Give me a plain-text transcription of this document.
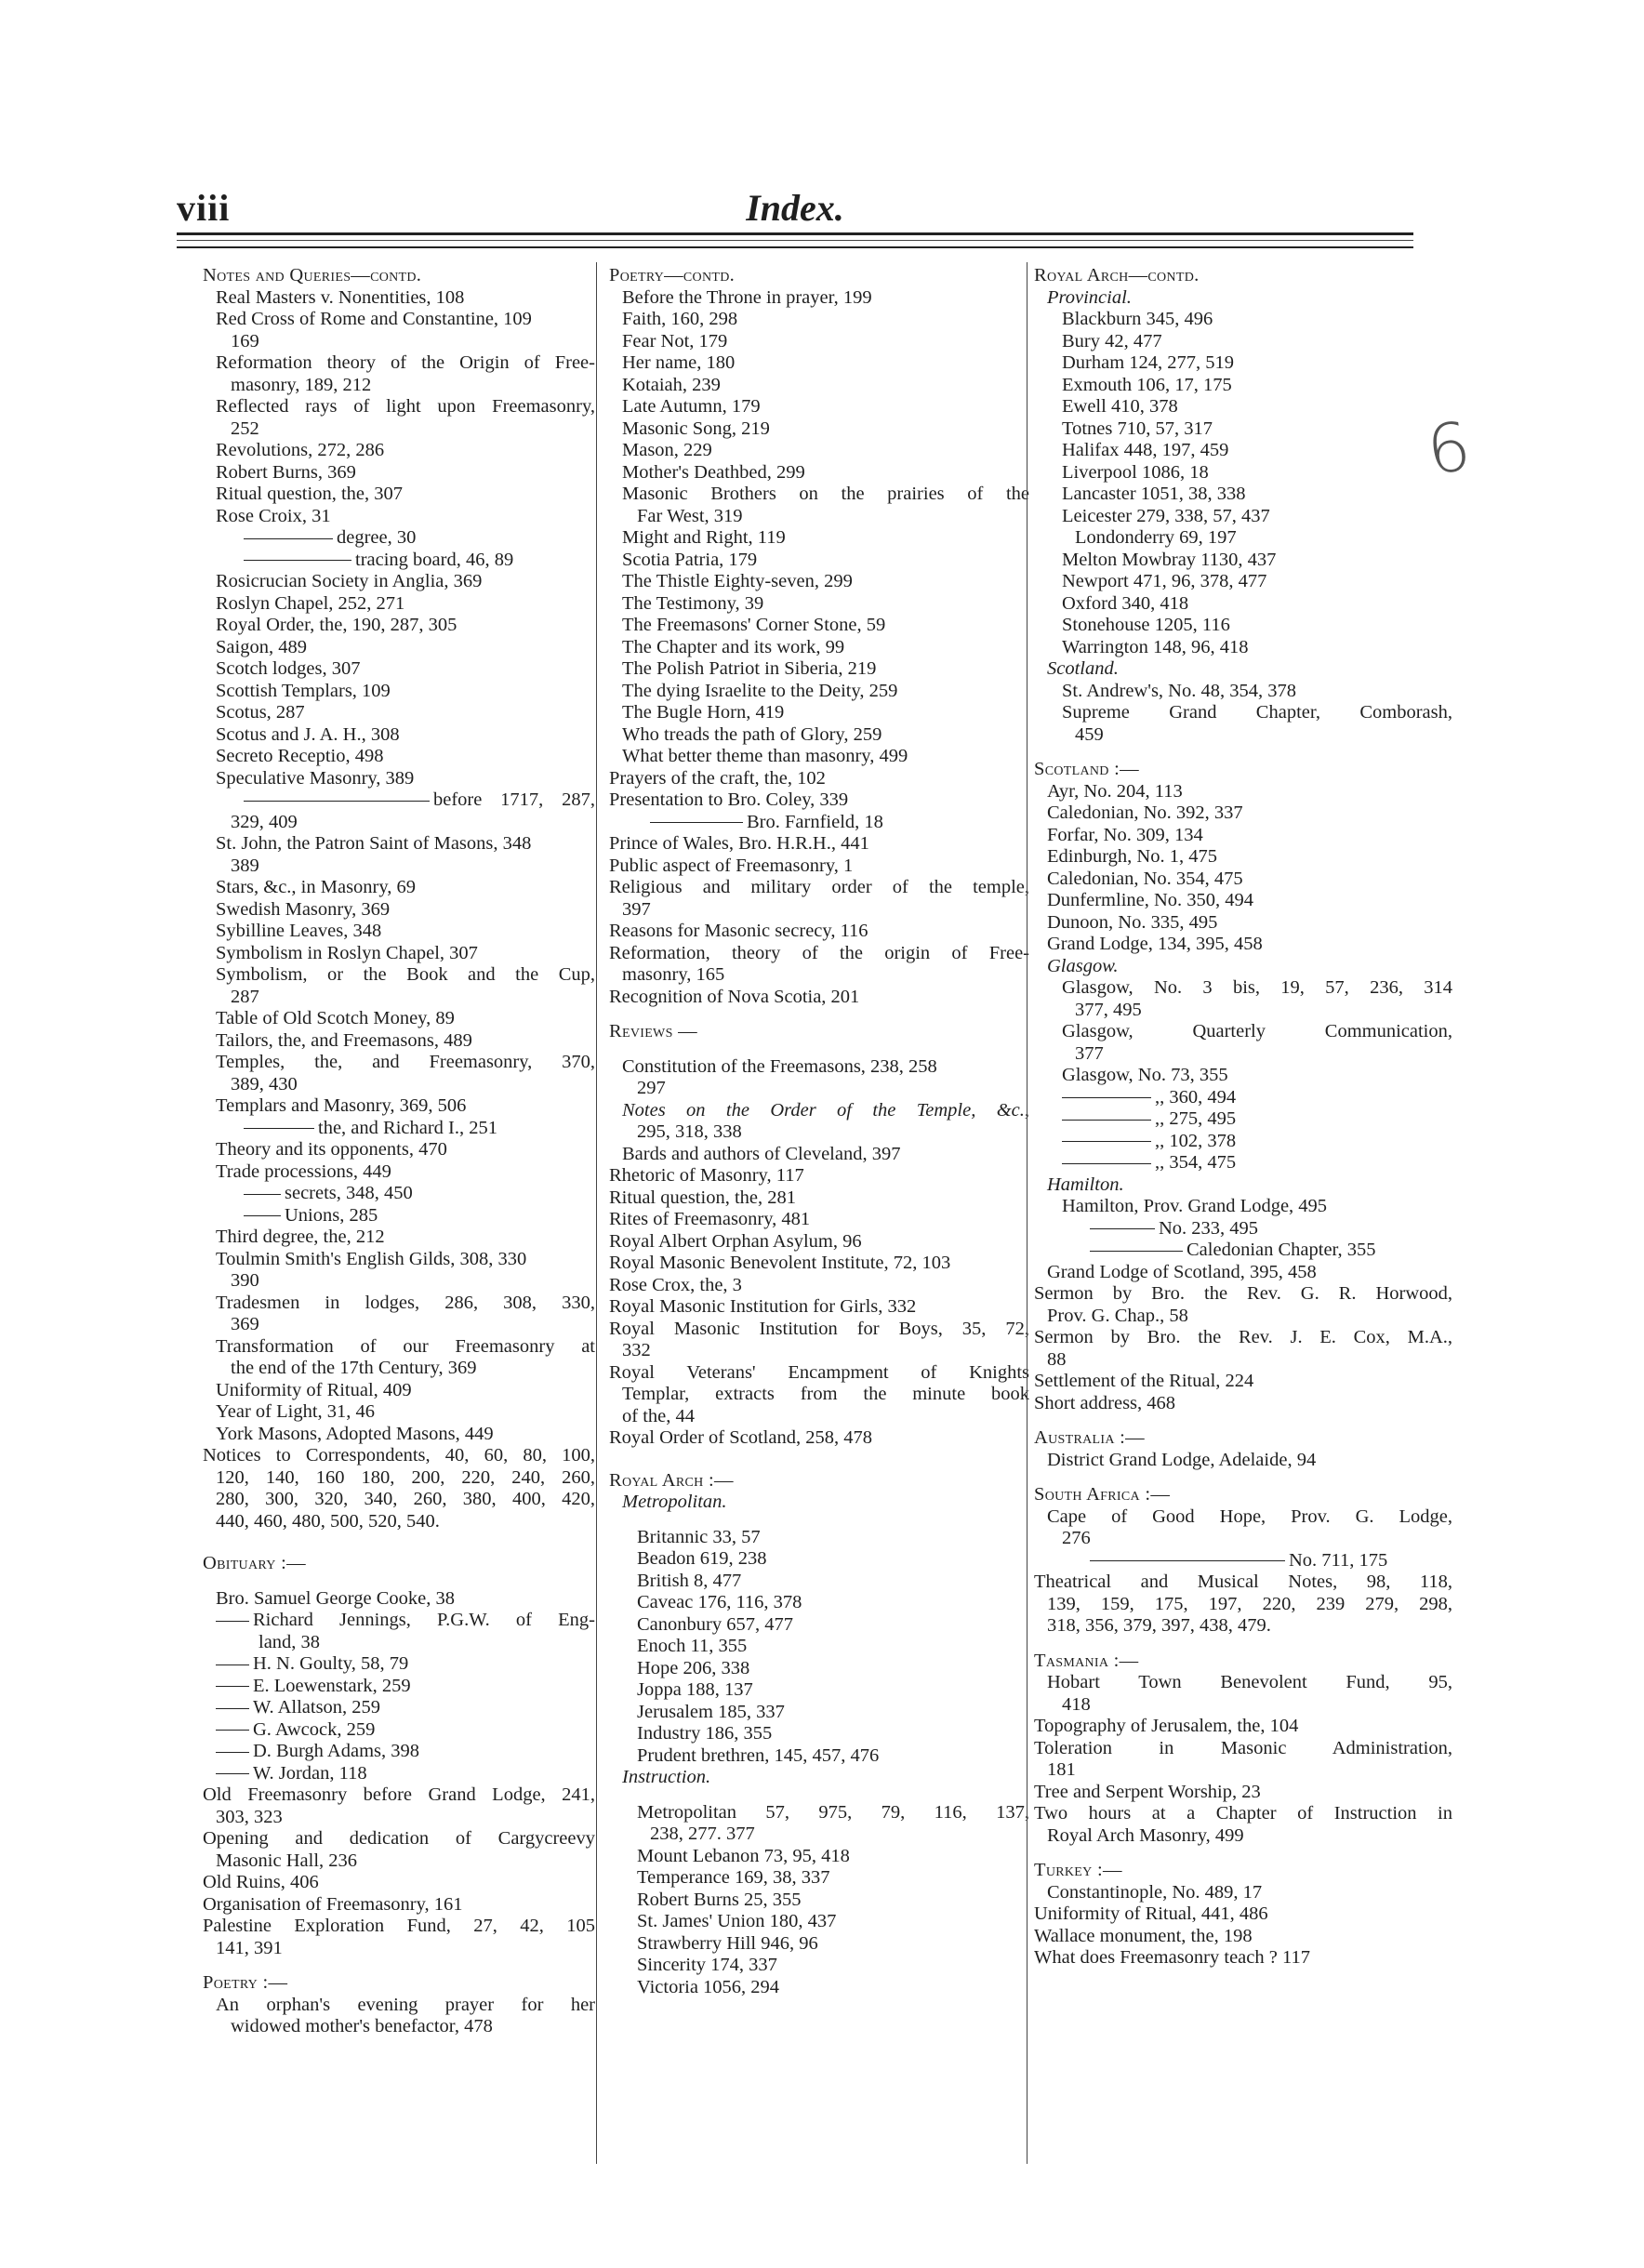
viii	Index.
Notes and Queries—contd.
Real Masters v. Nonentities, 108
Red Cross of Rome and Constantine, 109
169
Reformation theory of the Origin of Free-
masonry, 189, 212
Reflected rays of light upon Freemasonry,
252
Revolutions, 272, 286
Robert Burns, 369
Ritual question, the, 307
Rose Croix, 31
degree, 30
tracing board, 46, 89
Rosicrucian Society in Anglia, 369
Roslyn Chapel, 252, 271
Royal Order, the, 190, 287, 305
Saigon, 489
Scotch lodges, 307
Scottish Templars, 109
Scotus, 287
Scotus and J. A. H., 308
Secreto Receptio, 498
Speculative Masonry, 389
before 1717, 287,
329, 409
St. John, the Patron Saint of Masons, 348
389
Stars, &c., in Masonry, 69
Swedish Masonry, 369
Sybilline Leaves, 348
Symbolism in Roslyn Chapel, 307
Symbolism, or the Book and the Cup,
287
Table of Old Scotch Money, 89
Tailors, the, and Freemasons, 489
Temples, the, and Freemasonry, 370,
389, 430
Templars and Masonry, 369, 506
the, and Richard I., 251
Theory and its opponents, 470
Trade processions, 449
secrets, 348, 450
Unions, 285
Third degree, the, 212
Toulmin Smith's English Gilds, 308, 330
390
Tradesmen in lodges, 286, 308, 330,
369
Transformation of our Freemasonry at
the end of the 17th Century, 369
Uniformity of Ritual, 409
Year of Light, 31, 46
York Masons, Adopted Masons, 449
Notices to Correspondents, 40, 60, 80, 100,
120, 140, 160 180, 200, 220, 240, 260,
280, 300, 320, 340, 260, 380, 400, 420,
440, 460, 480, 500, 520, 540.
Obituary :—
Bro. Samuel George Cooke, 38
Richard Jennings, P.G.W. of Eng-
land, 38
H. N. Goulty, 58, 79
E. Loewenstark, 259
W. Allatson, 259
G. Awcock, 259
D. Burgh Adams, 398
W. Jordan, 118
Old Freemasonry before Grand Lodge, 241,
303, 323
Opening and dedication of Cargycreevy
Masonic Hall, 236
Old Ruins, 406
Organisation of Freemasonry, 161
Palestine Exploration Fund, 27, 42, 105
141, 391
Poetry :—
An orphan's evening prayer for her
widowed mother's benefactor, 478
Poetry—contd.
Before the Throne in prayer, 199
Faith, 160, 298
Fear Not, 179
Her name, 180
Kotaiah, 239
Late Autumn, 179
Masonic Song, 219
Mason, 229
Mother's Deathbed, 299
Masonic Brothers on the prairies of the
Far West, 319
Might and Right, 119
Scotia Patria, 179
The Thistle Eighty-seven, 299
The Testimony, 39
The Freemasons' Corner Stone, 59
The Chapter and its work, 99
The Polish Patriot in Siberia, 219
The dying Israelite to the Deity, 259
The Bugle Horn, 419
Who treads the path of Glory, 259
What better theme than masonry, 499
Prayers of the craft, the, 102
Presentation to Bro. Coley, 339
Bro. Farnfield, 18
Prince of Wales, Bro. H.R.H., 441
Public aspect of Freemasonry, 1
Religious and military order of the temple,
397
Reasons for Masonic secrecy, 116
Reformation, theory of the origin of Free-
masonry, 165
Recognition of Nova Scotia, 201
Reviews —
Constitution of the Freemasons, 238, 258
297
Notes on the Order of the Temple, &c.,
295, 318, 338
Bards and authors of Cleveland, 397
Rhetoric of Masonry, 117
Ritual question, the, 281
Rites of Freemasonry, 481
Royal Albert Orphan Asylum, 96
Royal Masonic Benevolent Institute, 72, 103
Rose Crox, the, 3
Royal Masonic Institution for Girls, 332
Royal Masonic Institution for Boys, 35, 72,
332
Royal Veterans' Encampment of Knights
Templar, extracts from the minute book
of the, 44
Royal Order of Scotland, 258, 478
Royal Arch :—
Metropolitan.
Britannic 33, 57
Beadon 619, 238
British 8, 477
Caveac 176, 116, 378
Canonbury 657, 477
Enoch 11, 355
Hope 206, 338
Joppa 188, 137
Jerusalem 185, 337
Industry 186, 355
Prudent brethren, 145, 457, 476
Instruction.
Metropolitan 57, 975, 79, 116, 137,
238, 277. 377
Mount Lebanon 73, 95, 418
Temperance 169, 38, 337
Robert Burns 25, 355
St. James' Union 180, 437
Strawberry Hill 946, 96
Sincerity 174, 337
Victoria 1056, 294
Royal Arch—contd.
Provincial.
Blackburn 345, 496
Bury 42, 477
Durham 124, 277, 519
Exmouth 106, 17, 175
Ewell 410, 378
Totnes 710, 57, 317
Halifax 448, 197, 459
Liverpool 1086, 18
Lancaster 1051, 38, 338
Leicester 279, 338, 57, 437
Londonderry 69, 197
Melton Mowbray 1130, 437
Newport 471, 96, 378, 477
Oxford 340, 418
Stonehouse 1205, 116
Warrington 148, 96, 418
Scotland.
St. Andrew's, No. 48, 354, 378
Supreme Grand Chapter, Comborash,
459
Scotland :—
Ayr, No. 204, 113
Caledonian, No. 392, 337
Forfar, No. 309, 134
Edinburgh, No. 1, 475
Caledonian, No. 354, 475
Dunfermline, No. 350, 494
Dunoon, No. 335, 495
Grand Lodge, 134, 395, 458
Glasgow.
Glasgow, No. 3 bis, 19, 57, 236, 314
377, 495
Glasgow, Quarterly Communication,
377
Glasgow, No. 73, 355
,, 360, 494
,, 275, 495
,, 102, 378
,, 354, 475
Hamilton.
Hamilton, Prov. Grand Lodge, 495
No. 233, 495
Caledonian Chapter, 355
Grand Lodge of Scotland, 395, 458
Sermon by Bro. the Rev. G. R. Horwood,
Prov. G. Chap., 58
Sermon by Bro. the Rev. J. E. Cox, M.A.,
88
Settlement of the Ritual, 224
Short address, 468
Australia :—
District Grand Lodge, Adelaide, 94
South Africa :—
Cape of Good Hope, Prov. G. Lodge,
276
No. 711, 175
Theatrical and Musical Notes, 98, 118,
139, 159, 175, 197, 220, 239 279, 298,
318, 356, 379, 397, 438, 479.
Tasmania :—
Hobart Town Benevolent Fund, 95,
418
Topography of Jerusalem, the, 104
Toleration in Masonic Administration,
181
Tree and Serpent Worship, 23
Two hours at a Chapter of Instruction in
Royal Arch Masonry, 499
Turkey :—
Constantinople, No. 489, 17
Uniformity of Ritual, 441, 486
Wallace monument, the, 198
What does Freemasonry teach ? 117
6
